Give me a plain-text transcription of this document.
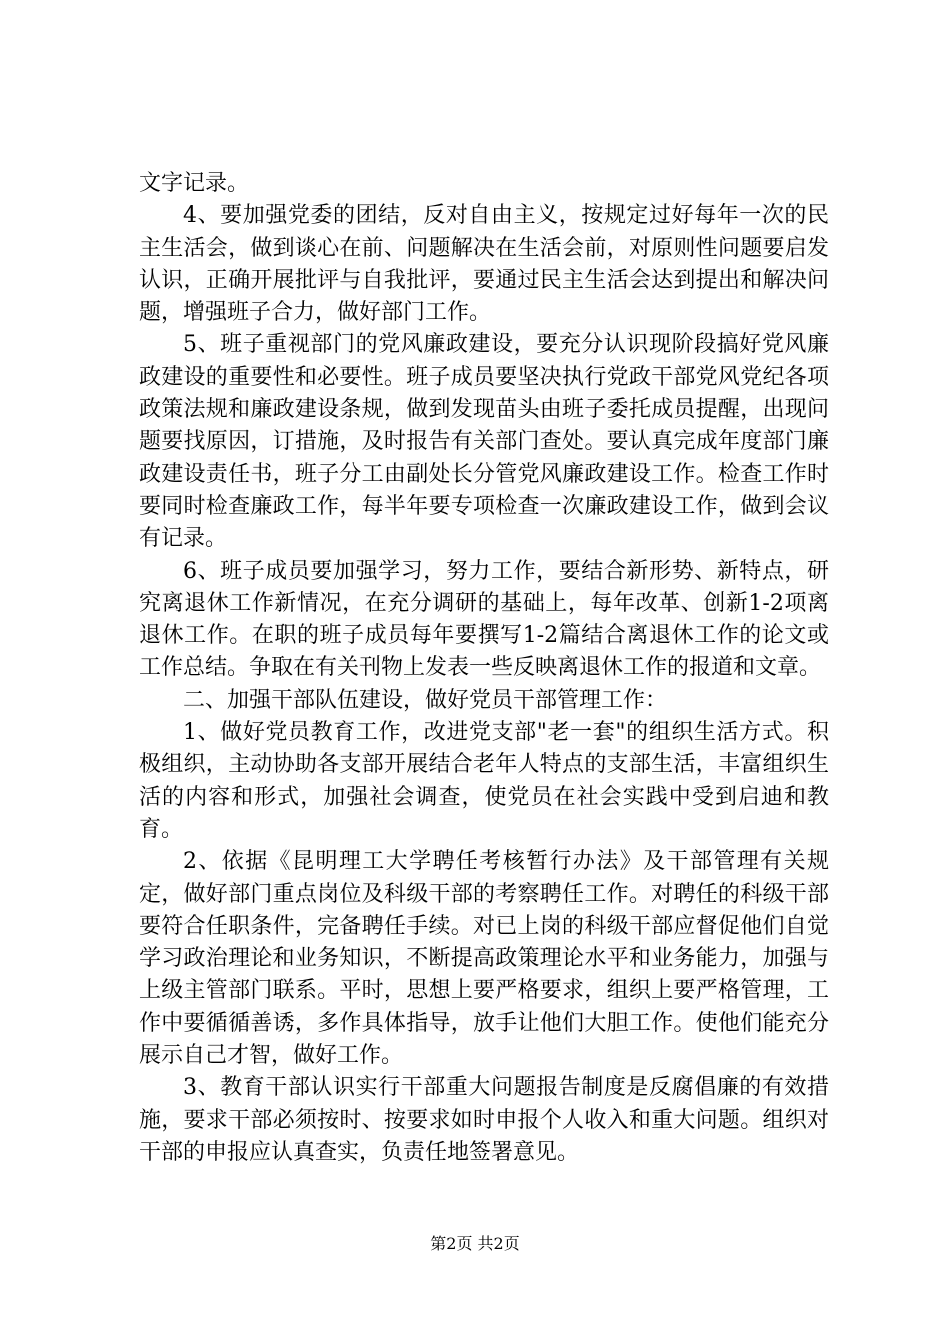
文字记录。

4、要加强党委的团结，反对自由主义，按规定过好每年一次的民主生活会，做到谈心在前、问题解决在生活会前，对原则性问题要启发认识，正确开展批评与自我批评，要通过民主生活会达到提出和解决问题，增强班子合力，做好部门工作。

5、班子重视部门的党风廉政建设，要充分认识现阶段搞好党风廉政建设的重要性和必要性。班子成员要坚决执行党政干部党风党纪各项政策法规和廉政建设条规，做到发现苗头由班子委托成员提醒，出现问题要找原因，订措施，及时报告有关部门查处。要认真完成年度部门廉政建设责任书，班子分工由副处长分管党风廉政建设工作。检查工作时要同时检查廉政工作，每半年要专项检查一次廉政建设工作，做到会议有记录。

6、班子成员要加强学习，努力工作，要结合新形势、新特点，研究离退休工作新情况，在充分调研的基础上，每年改革、创新1-2项离退休工作。在职的班子成员每年要撰写1-2篇结合离退休工作的论文或工作总结。争取在有关刊物上发表一些反映离退休工作的报道和文章。

二、加强干部队伍建设，做好党员干部管理工作：

1、做好党员教育工作，改进党支部"老一套"的组织生活方式。积极组织，主动协助各支部开展结合老年人特点的支部生活，丰富组织生活的内容和形式，加强社会调查，使党员在社会实践中受到启迪和教育。

2、依据《昆明理工大学聘任考核暂行办法》及干部管理有关规定，做好部门重点岗位及科级干部的考察聘任工作。对聘任的科级干部要符合任职条件，完备聘任手续。对已上岗的科级干部应督促他们自觉学习政治理论和业务知识，不断提高政策理论水平和业务能力，加强与上级主管部门联系。平时，思想上要严格要求，组织上要严格管理，工作中要循循善诱，多作具体指导，放手让他们大胆工作。使他们能充分展示自己才智，做好工作。

3、教育干部认识实行干部重大问题报告制度是反腐倡廉的有效措施，要求干部必须按时、按要求如时申报个人收入和重大问题。组织对干部的申报应认真查实，负责任地签署意见。

第2页 共2页
